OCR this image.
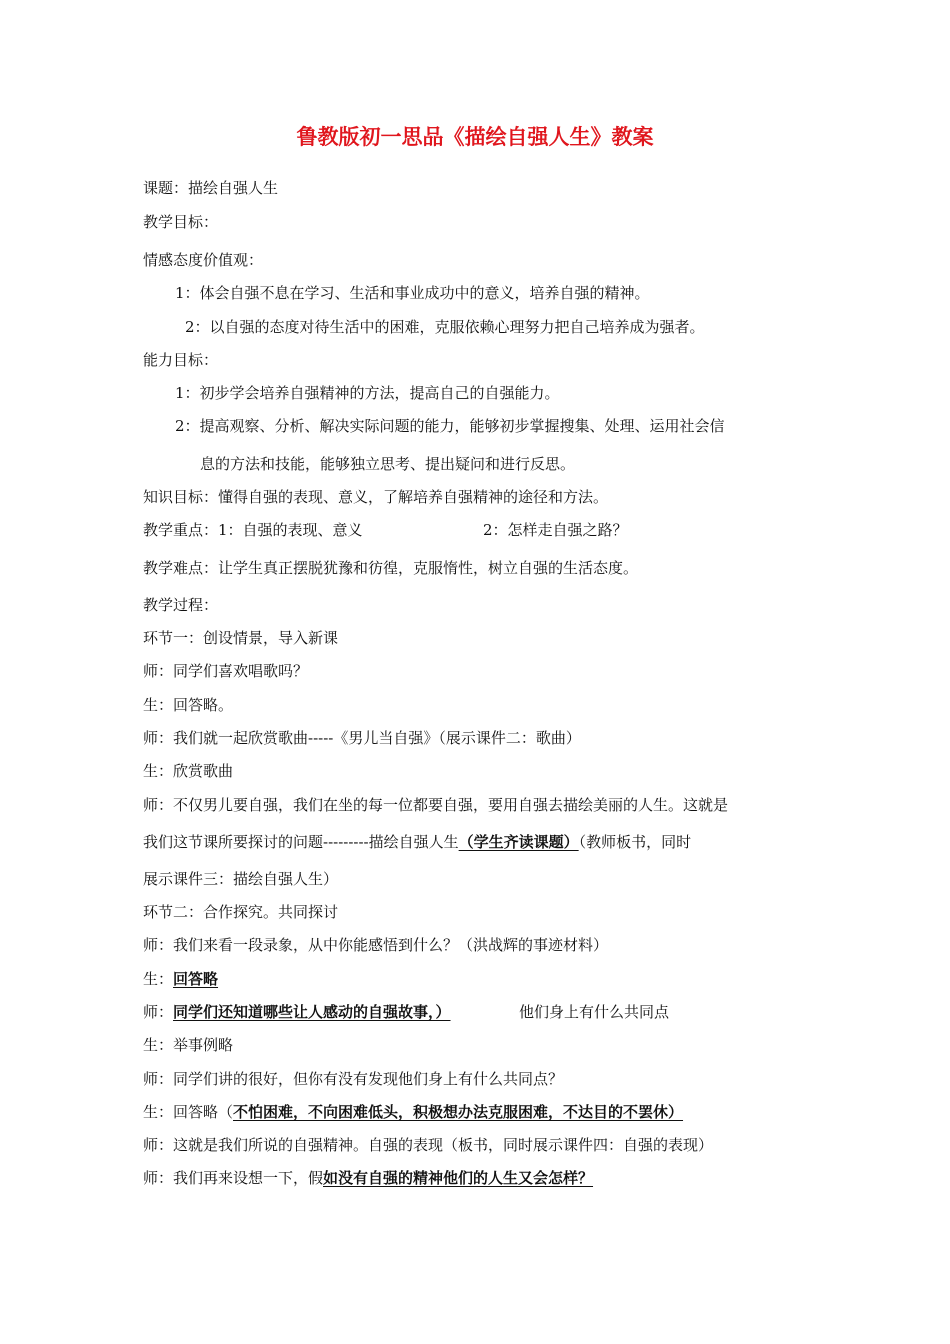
鲁教版初一思品《描绘自强人生》教案
课题：描绘自强人生
教学目标：
情感态度价值观：
1：体会自强不息在学习、生活和事业成功中的意义，培养自强的精神。
2：以自强的态度对待生活中的困难，克服依赖心理努力把自己培养成为强者。
能力目标：
1：初步学会培养自强精神的方法，提高自己的自强能力。
2：提高观察、分析、解决实际问题的能力，能够初步掌握搜集、处理、运用社会信
息的方法和技能，能够独立思考、提出疑问和进行反思。
知识目标：懂得自强的表现、意义，了解培养自强精神的途径和方法。
教学重点：1：自强的表现、意义	2：怎样走自强之路？
教学难点：让学生真正摆脱犹豫和彷徨，克服惰性，树立自强的生活态度。
教学过程：
环节一：创设情景，导入新课
师：同学们喜欢唱歌吗？
生：回答略。
师：我们就一起欣赏歌曲-----《男儿当自强》（展示课件二：歌曲）
生：欣赏歌曲
师：不仅男儿要自强，我们在坐的每一位都要自强，要用自强去描绘美丽的人生。这就是
我们这节课所要探讨的问题---------描绘自强人生（学生齐读课题）（教师板书，同时
展示课件三：描绘自强人生）
环节二：合作探究。共同探讨
师：我们来看一段录象，从中你能感悟到什么？（洪战辉的事迹材料）
生：回答略
师：同学们还知道哪些让人感动的自强故事，）	他们身上有什么共同点
生：举事例略
师：同学们讲的很好，但你有没有发现他们身上有什么共同点？
生：回答略（不怕困难，不向困难低头，积极想办法克服困难，不达目的不罢休）
师：这就是我们所说的自强精神。自强的表现（板书，同时展示课件四：自强的表现）
师：我们再来设想一下，假如没有自强的精神他们的人生又会怎样？
